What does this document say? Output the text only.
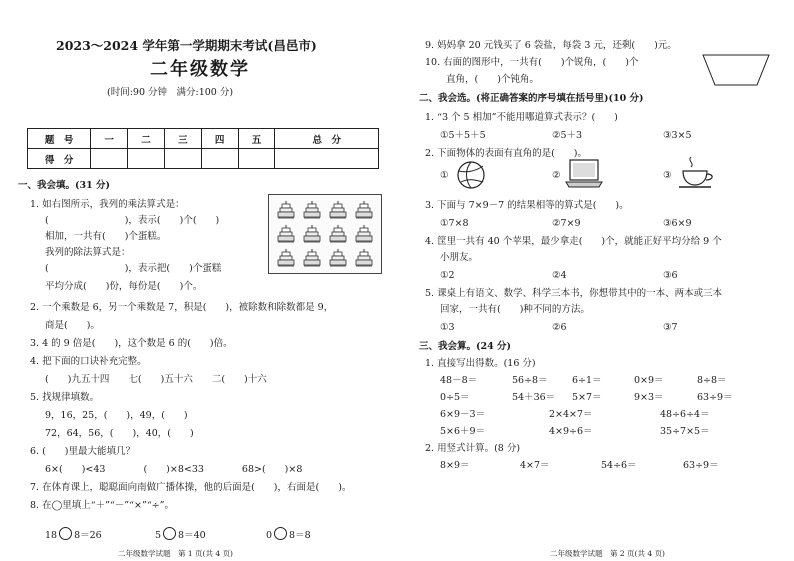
2023～2024 学年第一学期期末考试(昌邑市)
二年级数学
(时间:90 分钟　满分:100 分)
题　号	一	二	三	四	五	总　分
得　分						
一、我会填。(31 分)
1. 如右图所示，我列的乘法算式是：
(　　　　　　　　)，表示(　　)个(　　)
相加，一共有(　　)个蛋糕。
我列的除法算式是：
(　　　　　　　　)，表示把(　　)个蛋糕
平均分成(　　)份，每份是(　　)个。
2. 一个乘数是 6，另一个乘数是 7，积是(　　)，被除数和除数都是 9，
商是(　　)。
3. 4 的 9 倍是(　　)，这个数是 6 的(　　)倍。
4. 把下面的口诀补充完整。
(　　)九五十四　　七(　　)五十六　　二(　　)十六
5. 找规律填数。
9，16，25，(　　)，49，(　　)
72，64，56，(　　)，40，(　　)
6. (　　)里最大能填几？
6×(　　)<43　　　　(　　)×8<33　　　　68>(　　)×8
7. 在体育课上，聪聪面向南做广播体操，他的后面是(　　)，右面是(　　)。
8. 在◯里填上“＋”“－”“×”“÷”。
18 8＝26	5 8＝40	0 8＝8
二年级数学试题　第 1 页(共 4 页)
9. 妈妈拿 20 元钱买了 6 袋盐，每袋 3 元，还剩(　　)元。
10. 右面的图形中，一共有(　　)个锐角，(　　)个
直角，(　　)个钝角。
二、我会选。(将正确答案的序号填在括号里)(10 分)
1. “3 个 5 相加”不能用哪道算式表示？(　　)
①5＋5＋5	②5＋3	③3×5
2. 下面物体的表面有直角的是(　　)。
①	②	③
3. 下面与 7×9－7 的结果相等的算式是(　　)。
①7×8	②7×9	③6×9
4. 筐里一共有 40 个苹果，最少拿走(　　)个，就能正好平均分给 9 个
小朋友。
①2	②4	③6
5. 课桌上有语文、数学、科学三本书，你想带其中的一本、两本或三本
回家，一共有(　　)种不同的方法。
①3	②6	③7
三、我会算。(24 分)
1. 直接写出得数。(16 分)
48－8＝	56÷8＝	6÷1＝	0×9＝	8÷8＝
0÷5＝	54＋36＝ 5×7＝	9×3＝	63÷9＝
6×9－3＝	2×4×7＝	48÷6÷4＝
5×6＋9＝	4×9÷6＝	35÷7×5＝
2. 用竖式计算。(8 分)
8×9＝	4×7＝	54÷6＝	63÷9＝
二年级数学试题　第 2 页(共 4 页)
